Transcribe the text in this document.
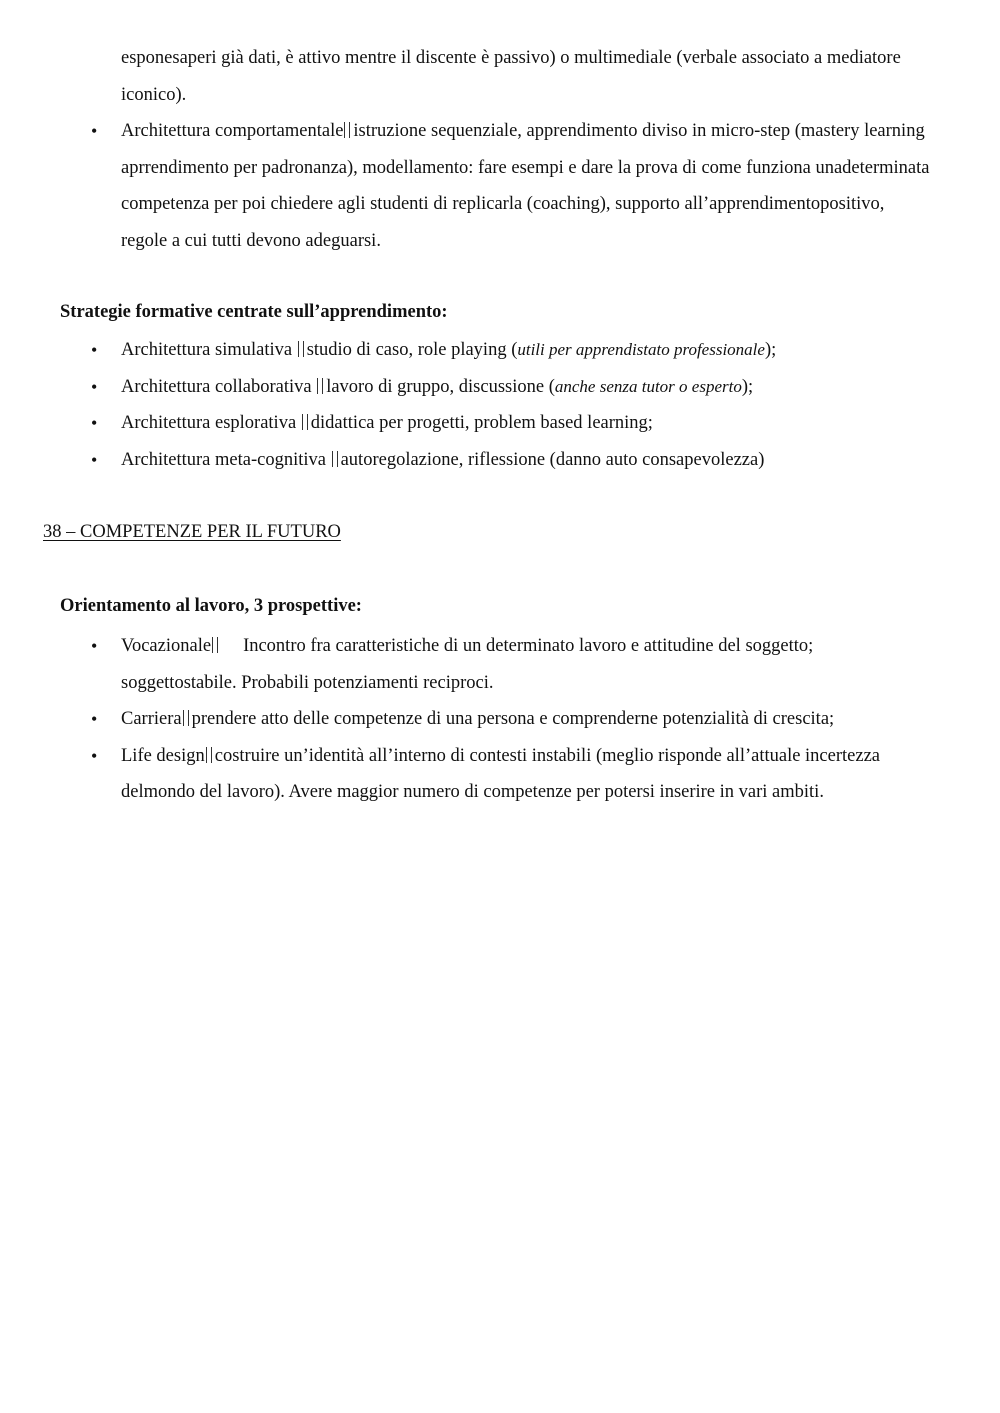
esponesaperi già dati, è attivo mentre il discente è passivo) o multimediale (verbale associato a mediatore iconico).

•	Architettura comportamentale istruzione sequenziale, apprendimento diviso in micro-step (mastery learning aprrendimento per padronanza), modellamento: fare esempi e dare la prova di come funziona unadeterminata competenza per poi chiedere agli studenti di replicarla (coaching), supporto all’apprendimentopositivo, regole a cui tutti devono adeguarsi.

Strategie formative centrate sull’apprendimento:

•	Architettura simulativa studio di caso, role playing (utili per apprendistato professionale);
•	Architettura collaborativa lavoro di gruppo, discussione (anche senza tutor o esperto);
•	Architettura esplorativa didattica per progetti, problem based learning;
•	Architettura meta-cognitiva autoregolazione, riflessione (danno auto consapevolezza)

38 – COMPETENZE PER IL FUTURO

Orientamento al lavoro, 3 prospettive:

•	Vocazionale Incontro fra caratteristiche di un determinato lavoro e attitudine del soggetto; soggettostabile. Probabili potenziamenti reciproci.
•	Carriera prendere atto delle competenze di una persona e comprenderne potenzialità di crescita;
•	Life design costruire un’identità all’interno di contesti instabili (meglio risponde all’attuale incertezza delmondo del lavoro). Avere maggior numero di competenze per potersi inserire in vari ambiti.
